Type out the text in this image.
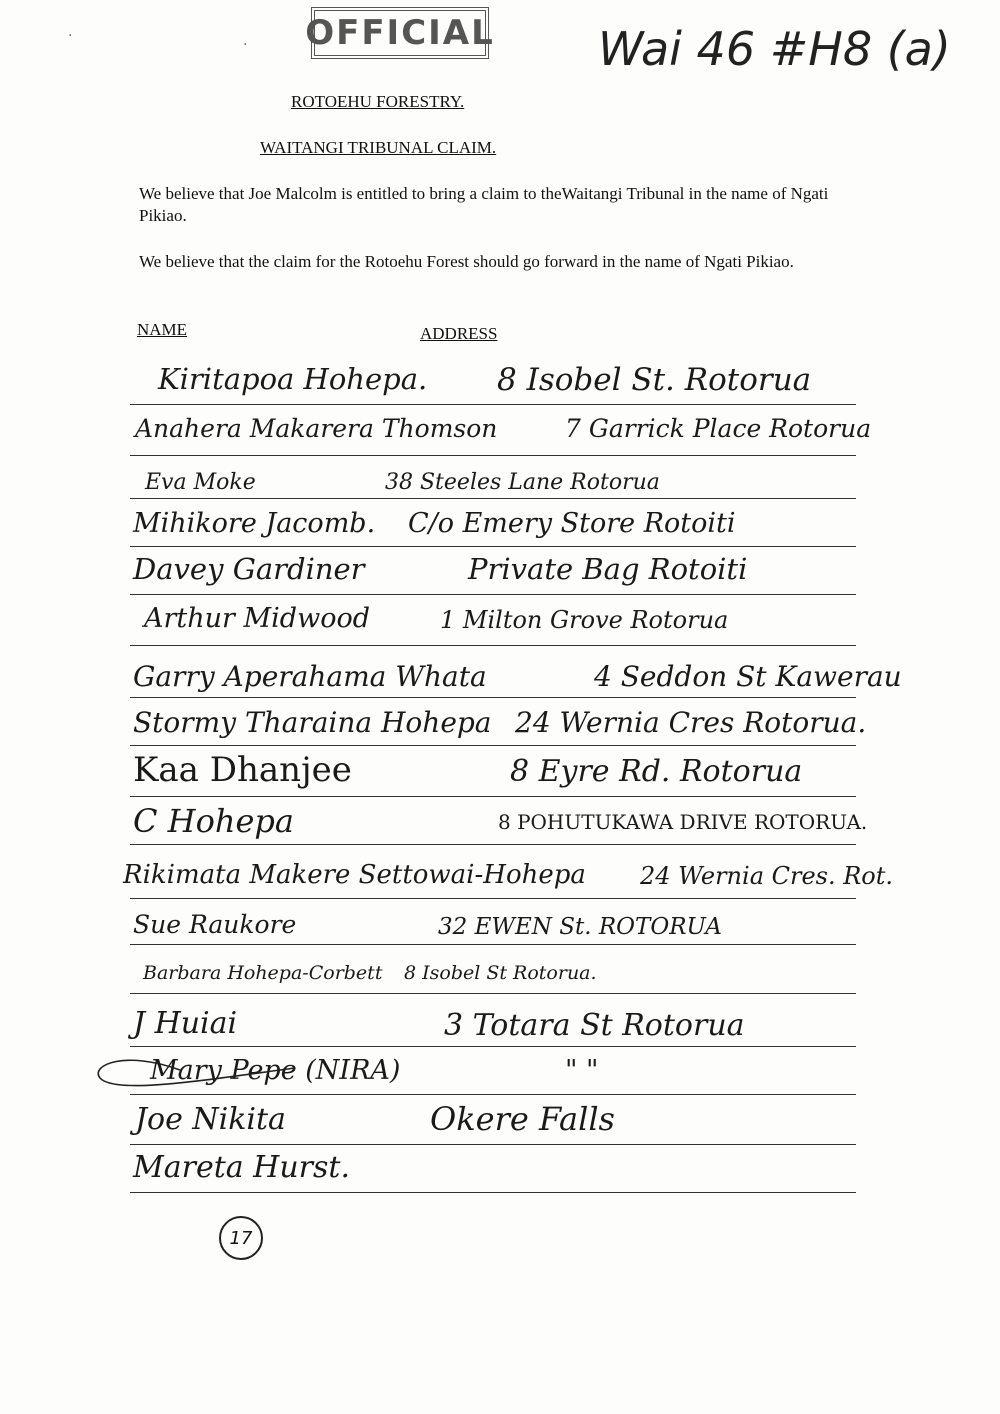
OFFICIAL Wai 46 #H8 (a)
·
·
ROTOEHU FORESTRY.
WAITANGI TRIBUNAL CLAIM.
We believe that Joe Malcolm is entitled to bring a claim to theWaitangi Tribunal in the name of Ngati Pikiao.
We believe that the claim for the Rotoehu Forest should go forward in the name of Ngati Pikiao.
NAME	ADDRESS
Kiritapoa Hohepa. 8 Isobel St. Rotorua
Anahera Makarera Thomson	7 Garrick Place Rotorua
Eva Moke	38 Steeles Lane Rotorua
Mihikore Jacomb. C/o Emery Store Rotoiti
Davey Gardiner	Private Bag Rotoiti
Arthur Midwood	1 Milton Grove Rotorua
Garry Aperahama Whata	4 Seddon St Kawerau
Stormy Tharaina Hohepa 24 Wernia Cres Rotorua.
Kaa Dhanjee	8 Eyre Rd. Rotorua
C Hohepa	8 POHUTUKAWA DRIVE ROTORUA.
Rikimata Makere Settowai-Hohepa 24 Wernia Cres. Rot.
Sue Raukore	32 EWEN St. ROTORUA
Barbara Hohepa-Corbett 8 Isobel St Rotorua.
J Huiai	3 Totara St Rotorua
Mary Pepe (NIRA)	" "
Joe Nikita	Okere Falls
Mareta Hurst.
17
